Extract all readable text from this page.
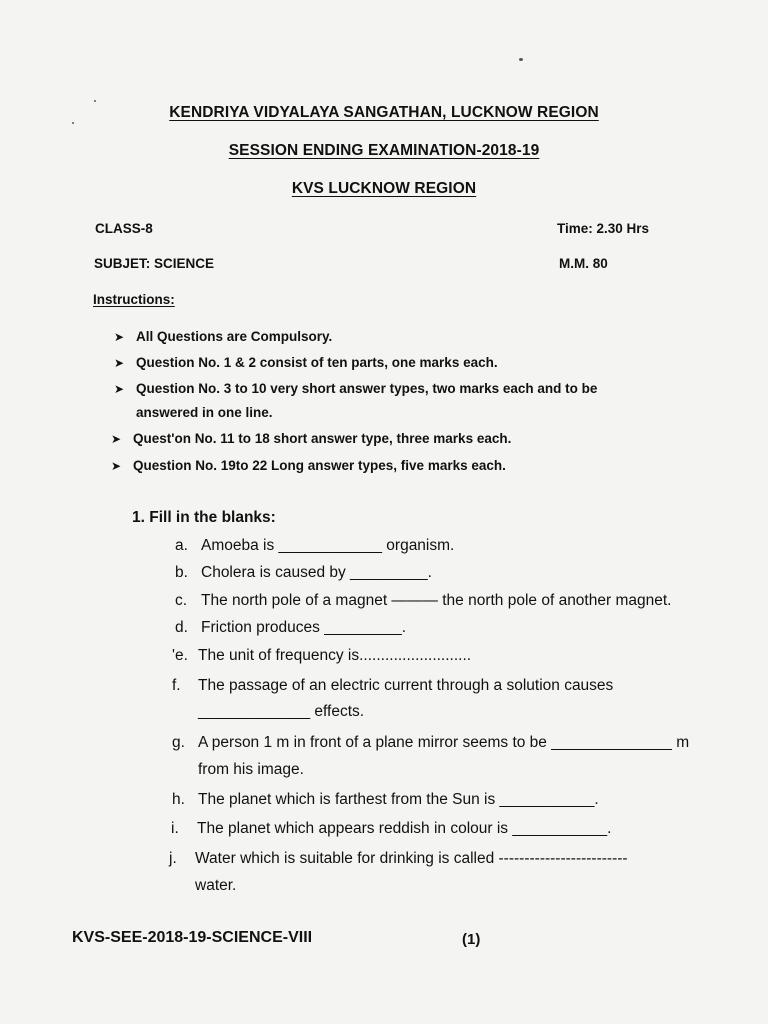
KENDRIYA VIDYALAYA SANGATHAN, LUCKNOW REGION
SESSION ENDING EXAMINATION-2018-19
KVS LUCKNOW REGION
CLASS-8	Time: 2.30 Hrs
SUBJET: SCIENCE	M.M. 80
Instructions:
➤ All Questions are Compulsory.
➤ Question No. 1 & 2 consist of ten parts, one marks each.
➤ Question No. 3 to 10 very short answer types, two marks each and to be
answered in one line.
➤ Quest'on No. 11 to 18 short answer type, three marks each.
➤ Question No. 19to 22 Long answer types, five marks each.
1. Fill in the blanks:
a. Amoeba is ____________ organism.
b. Cholera is caused by _________.
c. The north pole of a magnet ——— the north pole of another magnet.
d. Friction produces _________.
'e. The unit of frequency is..........................
f. The passage of an electric current through a solution causes
_____________ effects.
g. A person 1 m in front of a plane mirror seems to be ______________ m
from his image.
h. The planet which is farthest from the Sun is ___________.
i. The planet which appears reddish in colour is ___________.
j. Water which is suitable for drinking is called -------------------------
water.
KVS-SEE-2018-19-SCIENCE-VIII	(1)
